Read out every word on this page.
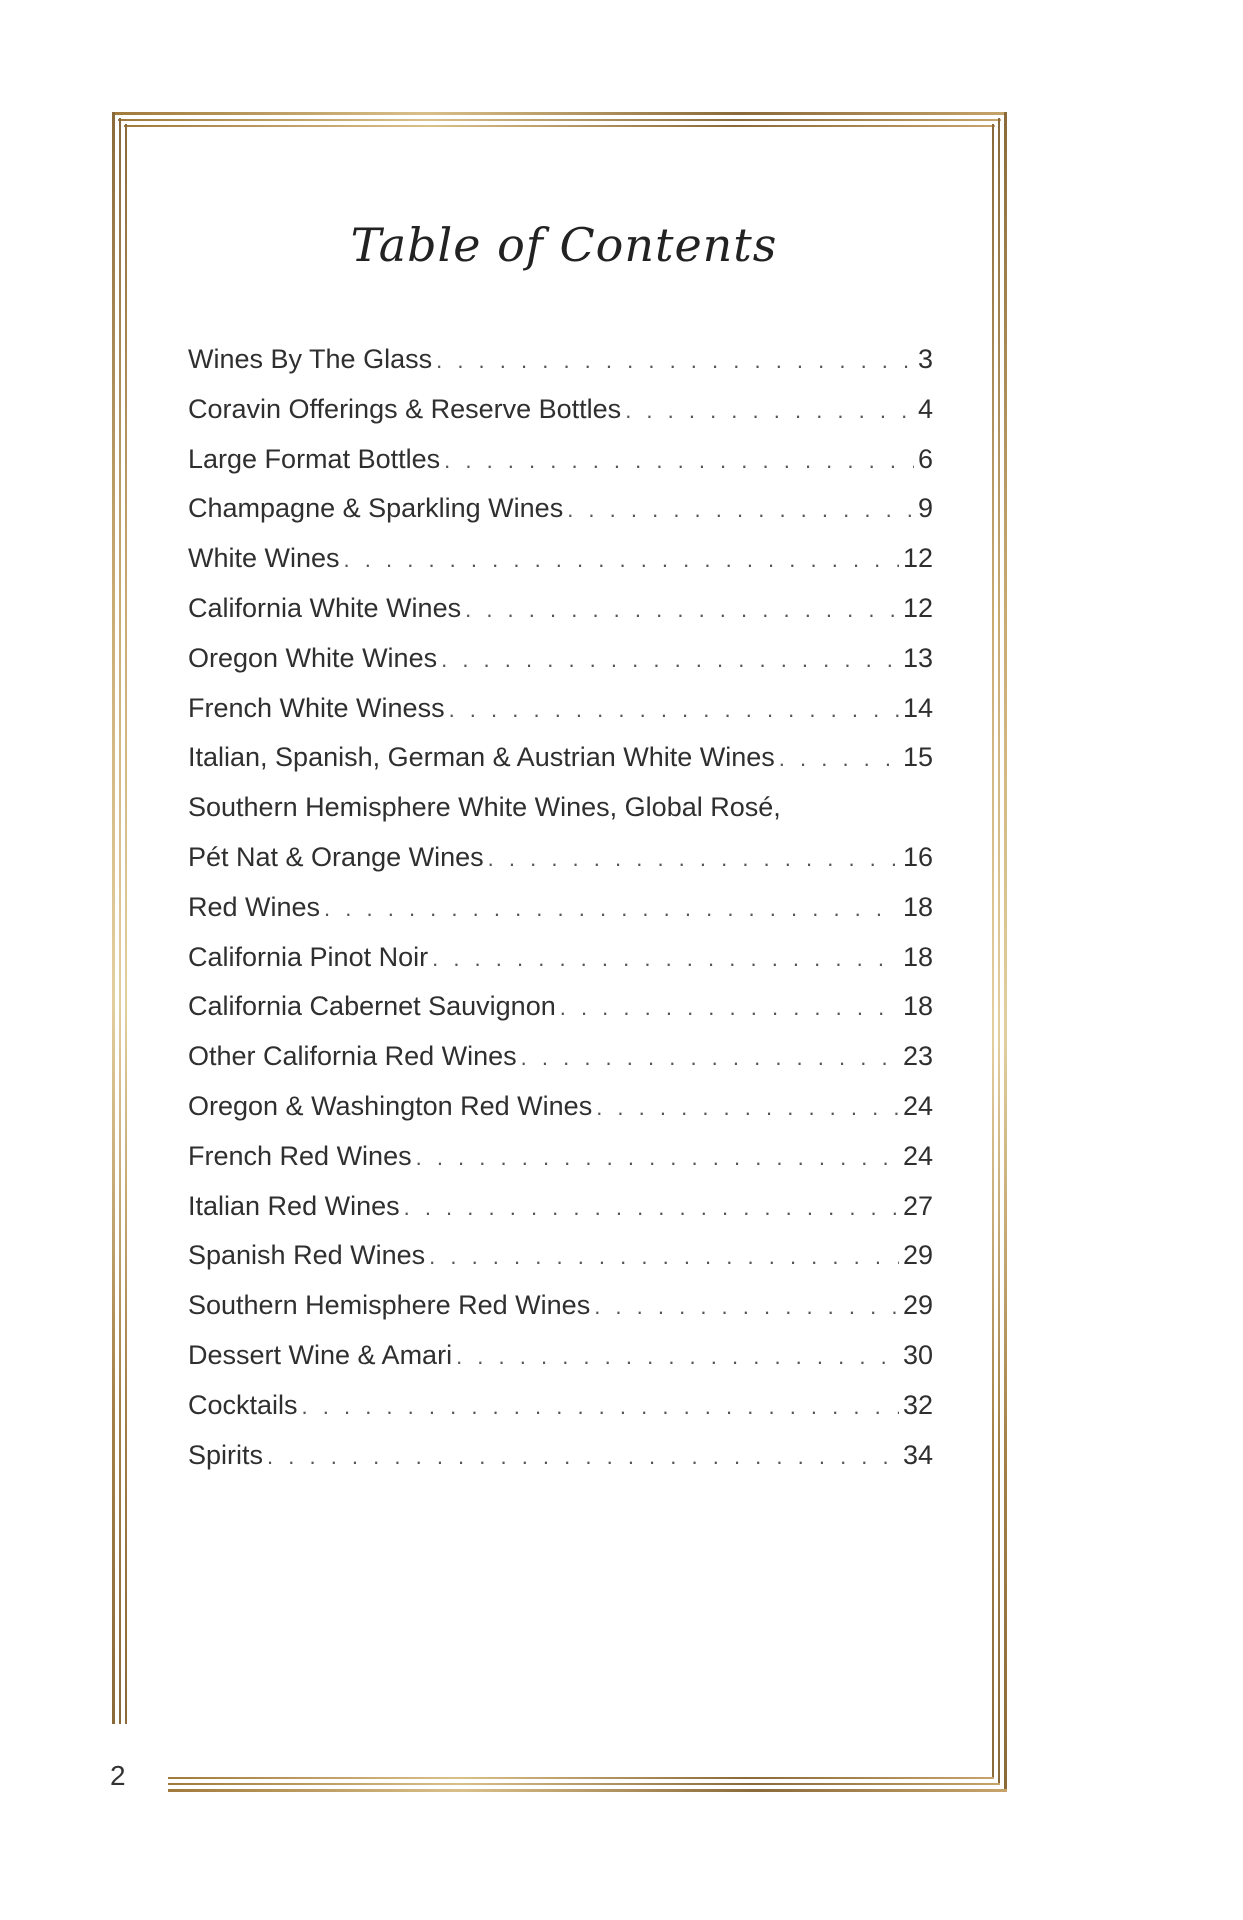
Table of Contents
Wines By The Glass . . .	3
Coravin Offerings & Reserve Bottles . . .	4
Large Format Bottles . . .	6
Champagne & Sparkling Wines . . .	9
White Wines . . .	12
California White Wines . . .	12
Oregon White Wines . . .	13
French White Winess . . .	14
Italian, Spanish, German & Austrian White Wines . . .	15
Southern Hemisphere White Wines, Global Rosé,
Pét Nat & Orange Wines . . .	16
Red Wines . . .	18
California Pinot Noir . . .	18
California Cabernet Sauvignon . . .	18
Other California Red Wines . . .	23
Oregon & Washington Red Wines . . .	24
French Red Wines . . .	24
Italian Red Wines . . .	27
Spanish Red Wines . . .	29
Southern Hemisphere Red Wines . . .	29
Dessert Wine & Amari . . .	30
Cocktails . . .	32
Spirits . . .	34
2
